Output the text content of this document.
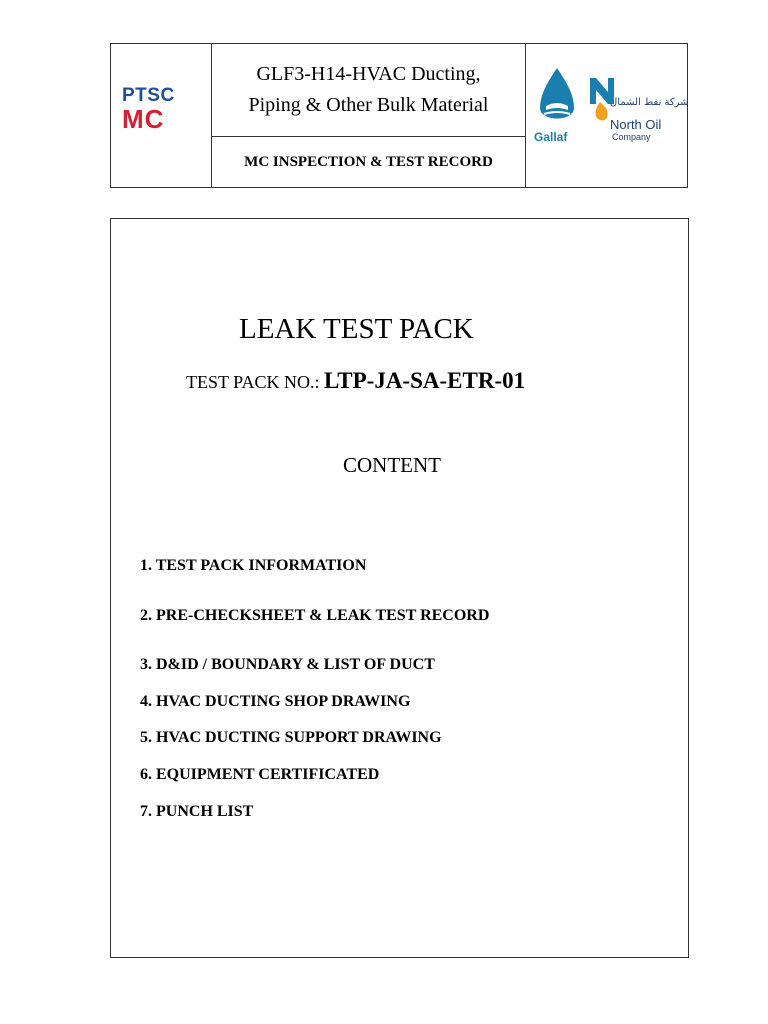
PTSC
MC
GLF3-H14-HVAC Ducting,
Piping & Other Bulk Material
MC INSPECTION & TEST RECORD
Gallaf
شركة نفط الشمال
North Oil
Company
LEAK TEST PACK
TEST PACK NO.: LTP-JA-SA-ETR-01
CONTENT
1. TEST PACK INFORMATION
2. PRE-CHECKSHEET & LEAK TEST RECORD
3. D&ID / BOUNDARY & LIST OF DUCT
4. HVAC DUCTING SHOP DRAWING
5. HVAC DUCTING SUPPORT DRAWING
6. EQUIPMENT CERTIFICATED
7. PUNCH LIST
